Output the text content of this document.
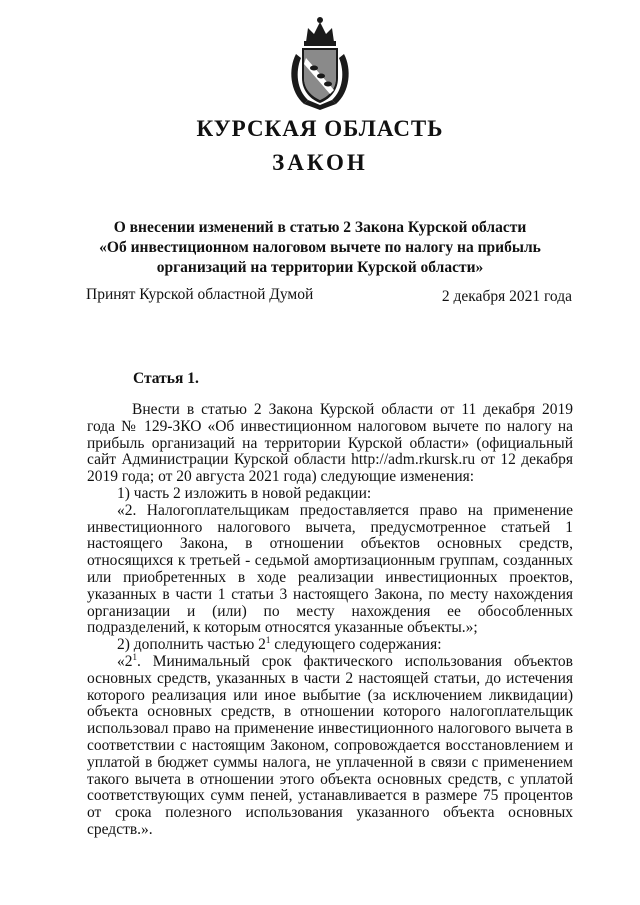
КУРСКАЯ ОБЛАСТЬ
ЗАКОН
О внесении изменений в статью 2 Закона Курской области
«Об инвестиционном налоговом вычете по налогу на прибыль
организаций на территории Курской области»
Принят Курской областной Думой	2 декабря 2021 года
Статья 1.

Внести в статью 2 Закона Курской области от 11 декабря 2019 года № 129-ЗКО «Об инвестиционном налоговом вычете по налогу на прибыль организаций на территории Курской области» (официальный сайт Администрации Курской области http://adm.rkursk.ru от 12 декабря 2019 года; от 20 августа 2021 года) следующие изменения:

1) часть 2 изложить в новой редакции:

«2. Налогоплательщикам предоставляется право на применение инвестиционного налогового вычета, предусмотренное статьей 1 настоящего Закона, в отношении объектов основных средств, относящихся к третьей - седьмой амортизационным группам, созданных или приобретенных в ходе реализации инвестиционных проектов, указанных в части 1 статьи 3 настоящего Закона, по месту нахождения организации и (или) по месту нахождения ее обособленных подразделений, к которым относятся указанные объекты.»;

2) дополнить частью $2^1$ следующего содержания:

«$2^1$. Минимальный срок фактического использования объектов основных средств, указанных в части 2 настоящей статьи, до истечения которого реализация или иное выбытие (за исключением ликвидации) объекта основных средств, в отношении которого налогоплательщик использовал право на применение инвестиционного налогового вычета в соответствии с настоящим Законом, сопровождается восстановлением и уплатой в бюджет суммы налога, не уплаченной в связи с применением такого вычета в отношении этого объекта основных средств, с уплатой соответствующих сумм пеней, устанавливается в размере 75 процентов от срока полезного использования указанного объекта основных средств.».
